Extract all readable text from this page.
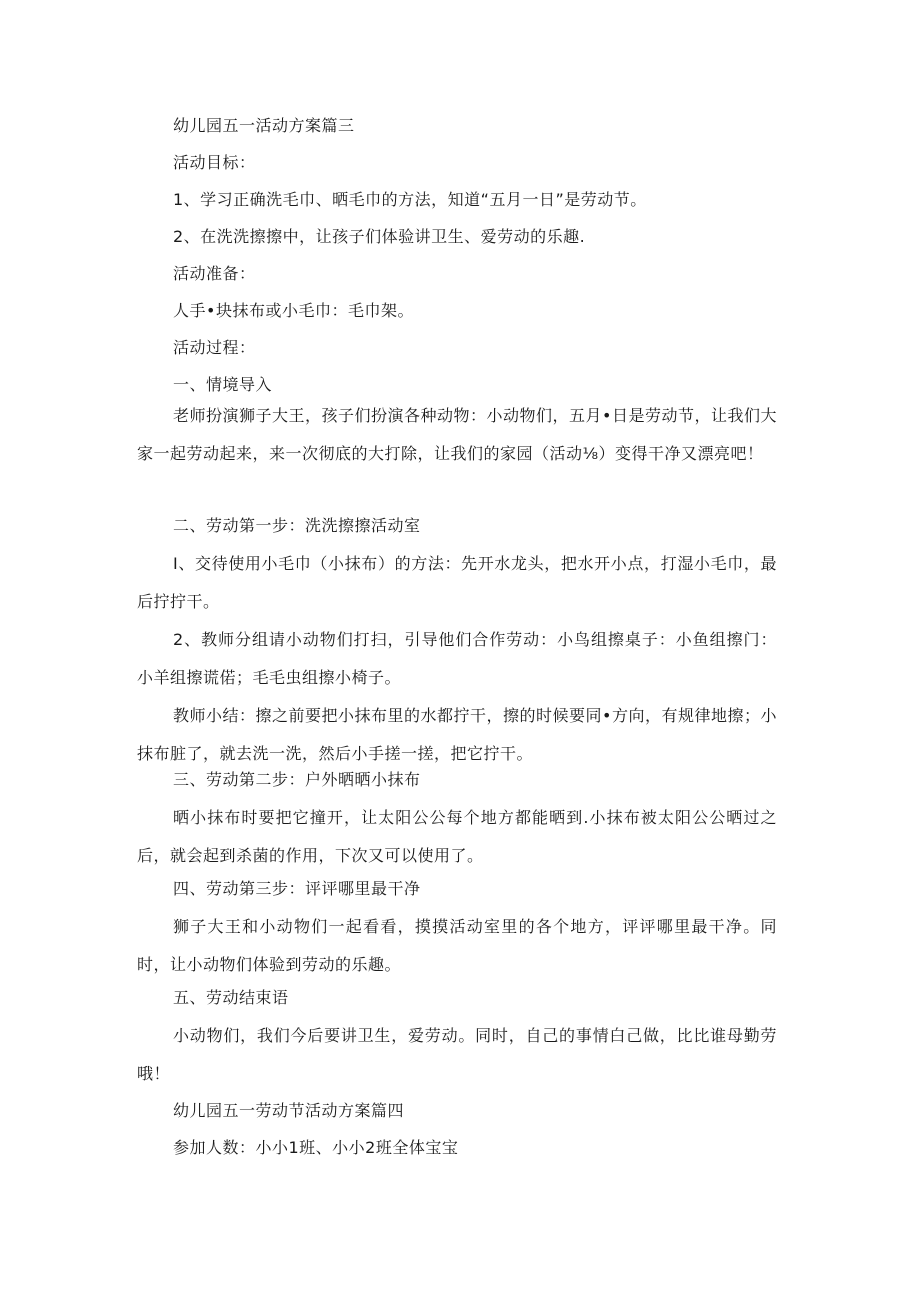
幼儿园五一活动方案篇三
活动目标：
1、学习正确洗毛巾、晒毛巾的方法，知道“五月一日”是劳动节。
2、在洗洗擦擦中，让孩子们体验讲卫生、爱劳动的乐趣.
活动准备：
人手•块抹布或小毛巾：毛巾架。
活动过程：
一、情境导入
老师扮演狮子大王，孩子们扮演各种动物：小动物们，五月•日是劳动节，让我们大家一起劳动起来，来一次彻底的大打除，让我们的家园（活动⅛）变得干净又漂亮吧！
二、劳动第一步：洗洗擦擦活动室
I、交待使用小毛巾（小抹布）的方法：先开水龙头，把水开小点，打湿小毛巾，最后拧拧干。
2、教师分组请小动物们打扫，引导他们合作劳动：小鸟组擦桌子：小鱼组擦门：小羊组擦谎偌；毛毛虫组擦小椅子。
教师小结：擦之前要把小抹布里的水都拧干，擦的时候要同•方向，有规律地擦；小抹布脏了，就去洗一洗，然后小手搓一搓，把它拧干。
三、劳动第二步：户外晒晒小抹布
晒小抹布时要把它撞开，让太阳公公每个地方都能晒到.小抹布被太阳公公晒过之后，就会起到杀菌的作用，下次又可以使用了。
四、劳动第三步：评评哪里最干净
狮子大王和小动物们一起看看，摸摸活动室里的各个地方，评评哪里最干净。同时，让小动物们体验到劳动的乐趣。
五、劳动结束语
小动物们，我们今后要讲卫生，爱劳动。同时，自己的事情白己做，比比谁母勤劳哦！
幼儿园五一劳动节活动方案篇四
参加人数：小小1班、小小2班全体宝宝
